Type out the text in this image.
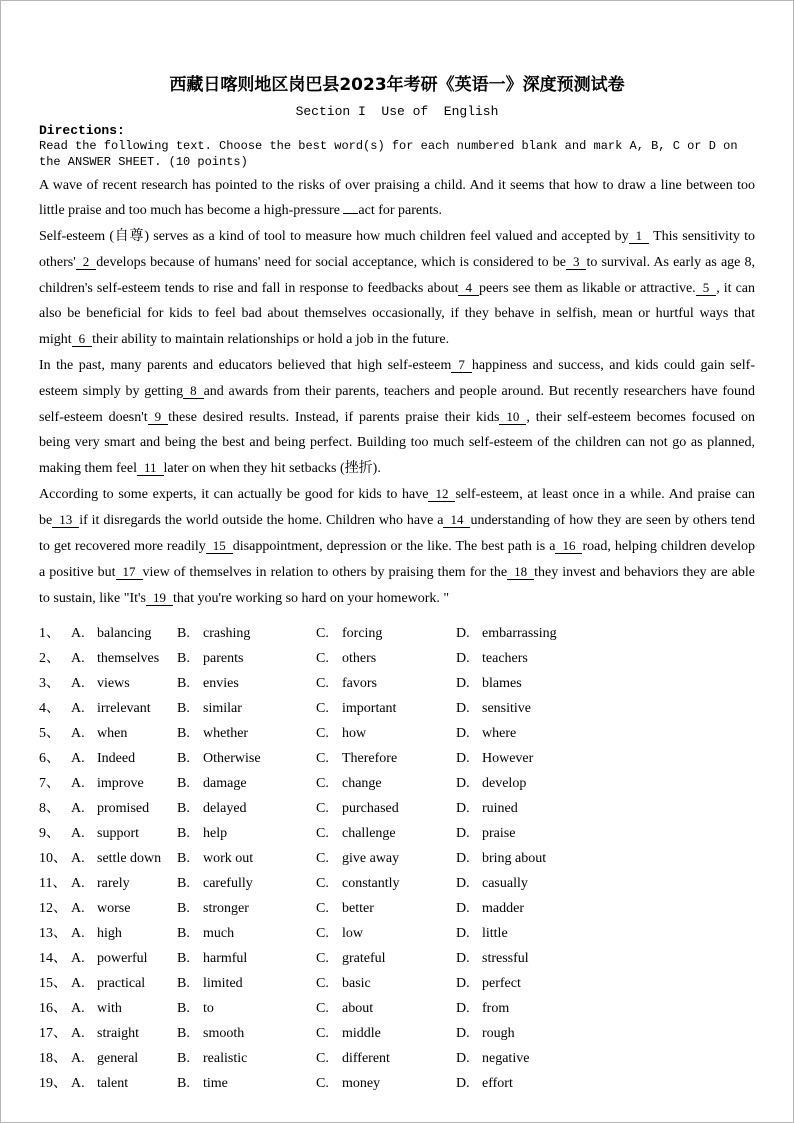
西藏日喀则地区岗巴县2023年考研《英语一》深度预测试卷
Section I  Use of  English
Directions:
Read the following text. Choose the best word(s) for each numbered blank and mark A, B, C or D on the ANSWER SHEET. (10 points)

A wave of recent research has pointed to the risks of over praising a child. And it seems that how to draw a line between too little praise and too much has become a high-pressure act for parents.

Self-esteem (自尊) serves as a kind of tool to measure how much children feel valued and accepted by 1 This sensitivity to others' 2 develops because of humans' need for social acceptance, which is considered to be 3 to survival. As early as age 8, children's self-esteem tends to rise and fall in response to feedbacks about 4 peers see them as likable or attractive. 5 , it can also be beneficial for kids to feel bad about themselves occasionally, if they behave in selfish, mean or hurtful ways that might 6 their ability to maintain relationships or hold a job in the future.

In the past, many parents and educators believed that high self-esteem 7 happiness and success, and kids could gain self-esteem simply by getting 8 and awards from their parents, teachers and people around. But recently researchers have found self-esteem doesn't 9 these desired results. Instead, if parents praise their kids 10 , their self-esteem becomes focused on being very smart and being the best and being perfect. Building too much self-esteem of the children can not go as planned, making them feel 11 later on when they hit setbacks (挫折).

According to some experts, it can actually be good for kids to have 12 self-esteem, at least once in a while. And praise can be 13 if it disregards the world outside the home. Children who have a 14 understanding of how they are seen by others tend to get recovered more readily 15 disappointment, depression or the like. The best path is a 16 road, helping children develop a positive but 17 view of themselves in relation to others by praising them for the 18 they invest and behaviors they are able to sustain, like "It's 19 that you're working so hard on your homework. "

1、 A. balancing	B. crashing	C. forcing	D. embarrassing
2、 A. themselves	B. parents	C. others	D. teachers
3、 A. views	B. envies	C. favors	D. blames
4、 A. irrelevant	B. similar	C. important	D. sensitive
5、 A. when	B. whether	C. how	D. where
6、 A. Indeed	B. Otherwise	C. Therefore	D. However
7、 A. improve	B. damage	C. change	D. develop
8、 A. promised	B. delayed	C. purchased	D. ruined
9、 A. support	B. help	C. challenge	D. praise
10、 A. settle down	B. work out	C. give away	D. bring about
11、 A. rarely	B. carefully	C. constantly	D. casually
12、 A. worse	B. stronger	C. better	D. madder
13、 A. high	B. much	C. low	D. little
14、 A. powerful	B. harmful	C. grateful	D. stressful
15、 A. practical	B. limited	C. basic	D. perfect
16、 A. with	B. to	C. about	D. from
17、 A. straight	B. smooth	C. middle	D. rough
18、 A. general	B. realistic	C. different	D. negative
19、 A. talent	B. time	C. money	D. effort
